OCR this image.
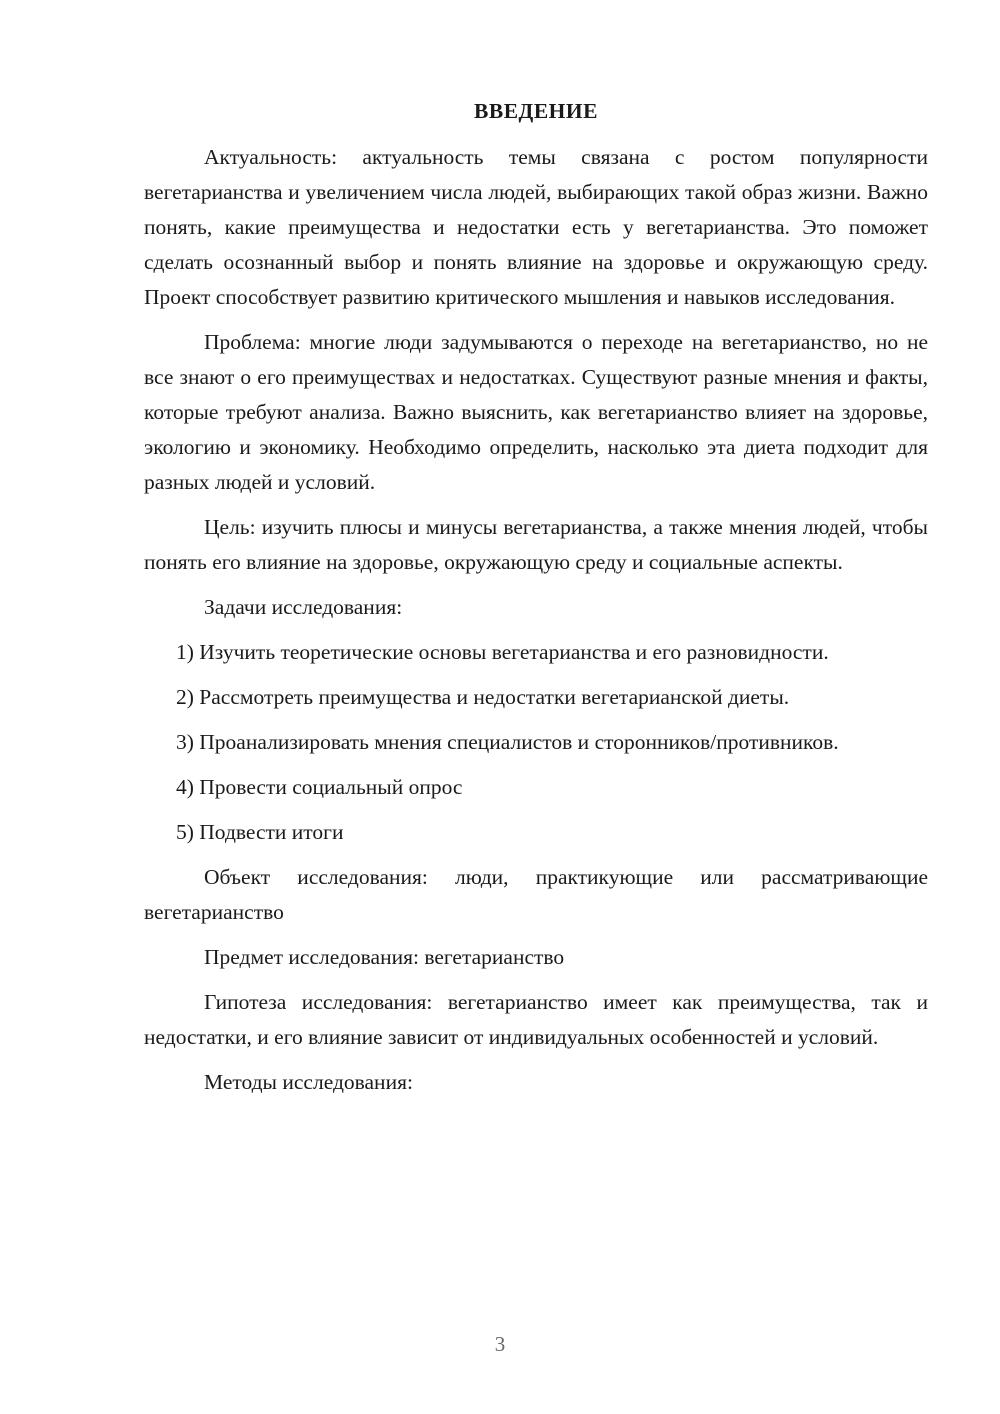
ВВЕДЕНИЕ

Актуальность: актуальность темы связана с ростом популярности вегетарианства и увеличением числа людей, выбирающих такой образ жизни. Важно понять, какие преимущества и недостатки есть у вегетарианства. Это поможет сделать осознанный выбор и понять влияние на здоровье и окружающую среду. Проект способствует развитию критического мышления и навыков исследования.

Проблема: многие люди задумываются о переходе на вегетарианство, но не все знают о его преимуществах и недостатках. Существуют разные мнения и факты, которые требуют анализа. Важно выяснить, как вегетарианство влияет на здоровье, экологию и экономику. Необходимо определить, насколько эта диета подходит для разных людей и условий.

Цель: изучить плюсы и минусы вегетарианства, а также мнения людей, чтобы понять его влияние на здоровье, окружающую среду и социальные аспекты.

Задачи исследования:

1) Изучить теоретические основы вегетарианства и его разновидности.

2) Рассмотреть преимущества и недостатки вегетарианской диеты.

3) Проанализировать мнения специалистов и сторонников/противников.

4) Провести социальный опрос

5) Подвести итоги

Объект исследования: люди, практикующие или рассматривающие вегетарианство

Предмет исследования: вегетарианство

Гипотеза исследования: вегетарианство имеет как преимущества, так и недостатки, и его влияние зависит от индивидуальных особенностей и условий.

Методы исследования:

3
